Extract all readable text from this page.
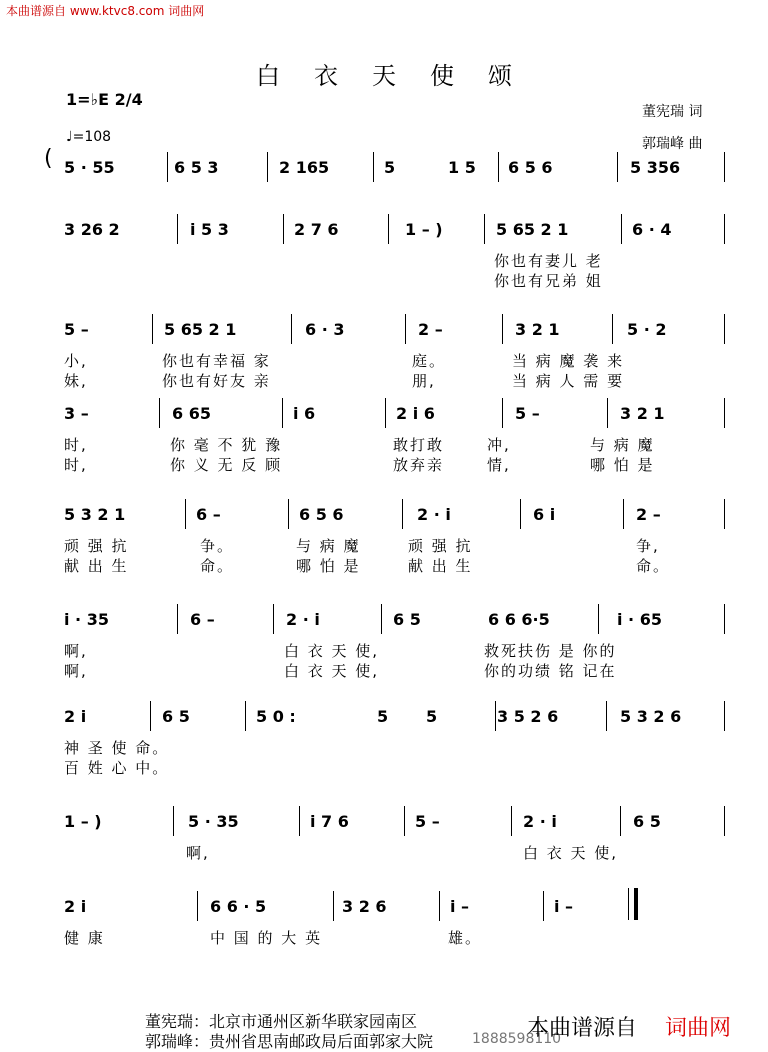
本曲谱源自 www.ktvc8.com 词曲网
白衣天使颂
1=♭E 2/4
♩=108
董宪瑞 词
郭瑞峰 曲
( 5 · 55	6 5 3	2 165	5	1 5 6 5 6	5 356
3 26 2	i 5 3	2 7 6	1 – )	5 65 2 1	6 · 4
你也有妻儿 老
你也有兄弟 姐
5 –	5 65 2 1	6 · 3	2 –	3 2 1	5 · 2
小,	你也有幸福 家	庭。	当 病 魔 袭 来
妹,	你也有好友 亲	朋,	当 病 人 需 要
3 –	6 65	i 6	2 i 6	5 –	3 2 1
时,	你 毫 不 犹 豫	敢打敢	冲,	与 病 魔
时,	你 义 无 反 顾	放弃亲	情,	哪 怕 是
5 3 2 1	6 –	6 5 6	2 · i	6 i	2 –
顽 强 抗	争。	与 病 魔	顽 强 抗	争,
献 出 生	命。	哪 怕 是	献 出 生	命。
i · 35	6 –	2 · i	6 5	6 6 6·5	i · 65
啊,	白 衣 天 使,	救死扶伤 是 你的
啊,	白 衣 天 使,	你的功绩 铭 记在
2 i	6 5	5 0 :	5 5	3 5 2 6	5 3 2 6
神 圣 使 命。
百 姓 心 中。
1 – )	5 · 35	i 7 6	5 –	2 · i	6 5
啊,	白 衣 天 使,
2 i	6 6 · 5	3 2 6	i –	i –
健 康	中 国 的 大 英	雄。
董宪瑞：北京市通州区新华联家园南区
郭瑞峰：贵州省思南邮政局后面郭家大院	1888598110
本曲谱源自 词曲网
